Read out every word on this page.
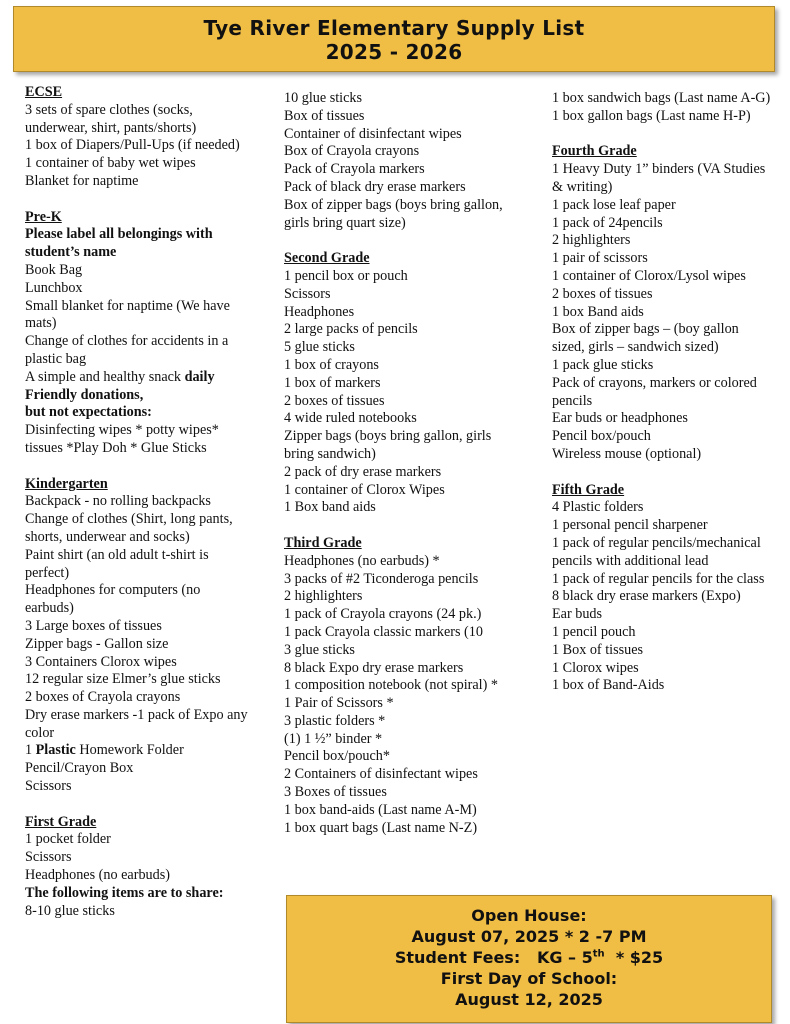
Tye River Elementary Supply List
2025 - 2026
ECSE
3 sets of spare clothes (socks, underwear, shirt, pants/shorts)
1 box of Diapers/Pull-Ups (if needed)
1 container of baby wet wipes
Blanket for naptime
Pre-K
Please label all belongings with student’s name
Book Bag
Lunchbox
Small blanket for naptime (We have mats)
Change of clothes for accidents in a plastic bag
A simple and healthy snack daily
Friendly donations,
but not expectations:
Disinfecting wipes * potty wipes* tissues *Play Doh * Glue Sticks
Kindergarten
Backpack - no rolling backpacks
Change of clothes (Shirt, long pants, shorts, underwear and socks)
Paint shirt (an old adult t-shirt is perfect)
Headphones for computers (no earbuds)
3 Large boxes of tissues
Zipper bags - Gallon size
3 Containers Clorox wipes
12 regular size Elmer’s glue sticks
2 boxes of Crayola crayons
Dry erase markers -1 pack of Expo any color
1 Plastic Homework Folder
Pencil/Crayon Box
Scissors
First Grade
1 pocket folder
Scissors
Headphones (no earbuds)
The following items are to share:
8-10 glue sticks
10 glue sticks
Box of tissues
Container of disinfectant wipes
Box of Crayola crayons
Pack of Crayola markers
Pack of black dry erase markers
Box of zipper bags (boys bring gallon, girls bring quart size)
Second Grade
1 pencil box or pouch
Scissors
Headphones
2 large packs of pencils
5 glue sticks
1 box of crayons
1 box of markers
2 boxes of tissues
4 wide ruled notebooks
Zipper bags (boys bring gallon, girls bring sandwich)
2 pack of dry erase markers
1 container of Clorox Wipes
1 Box band aids
Third Grade
Headphones (no earbuds) *
3 packs of #2 Ticonderoga pencils
2 highlighters
1 pack of Crayola crayons (24 pk.)
1 pack Crayola classic markers (10
3 glue sticks
8 black Expo dry erase markers
1 composition notebook (not spiral) *
1 Pair of Scissors *
3 plastic folders *
(1) 1 ½” binder *
Pencil box/pouch*
2 Containers of disinfectant wipes
3 Boxes of tissues
1 box band-aids (Last name A-M)
1 box quart bags (Last name N-Z)
1 box sandwich bags (Last name A-G)
1 box gallon bags (Last name H-P)
Fourth Grade
1 Heavy Duty 1” binders (VA Studies & writing)
1 pack lose leaf paper
1 pack of 24pencils
2 highlighters
1 pair of scissors
1 container of Clorox/Lysol wipes
2 boxes of tissues
1 box Band aids
Box of zipper bags – (boy gallon sized, girls – sandwich sized)
1 pack glue sticks
Pack of crayons, markers or colored pencils
Ear buds or headphones
Pencil box/pouch
Wireless mouse (optional)
Fifth Grade
4 Plastic folders
1 personal pencil sharpener
1 pack of regular pencils/mechanical pencils with additional lead
1 pack of regular pencils for the class
8 black dry erase markers (Expo)
Ear buds
1 pencil pouch
1 Box of tissues
1 Clorox wipes
1 box of Band-Aids
Open House:
August 07, 2025 * 2 -7 PM
Student Fees: KG – 5th * $25
First Day of School:
August 12, 2025
